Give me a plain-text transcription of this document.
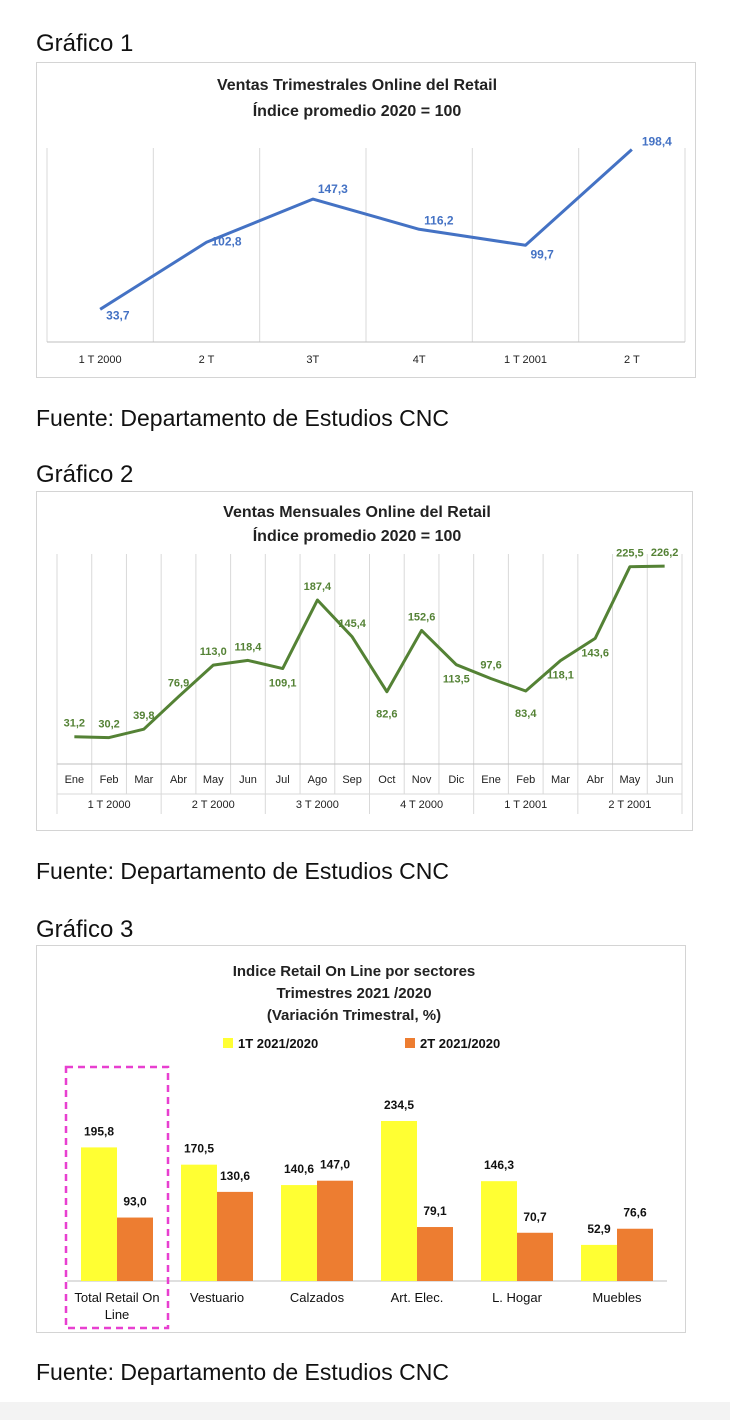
Gráfico 1

Ventas Trimestrales Online del Retail
Índice promedio 2020 = 100
33,7
102,8
147,3
116,2
99,7
198,4
1 T 2000	2 T	3T	4T	1 T 2001	2 T

Fuente: Departamento de Estudios CNC

Gráfico 2

Ventas Mensuales Online del Retail
Índice promedio 2020 = 100
31,2 30,2
39,8
76,9
113,0 118,4
109,1
187,4
145,4
82,6
152,6
113,5
97,6
83,4
118,1
143,6
225,5 226,2
Ene Feb Mar Abr May Jun Jul Ago Sep Oct Nov Dic Ene Feb Mar Abr May Jun
1 T 2000	2 T 2000	3 T 2000	4 T 2000	1 T 2001	2 T 2001

Fuente: Departamento de Estudios CNC

Gráfico 3

Indice Retail On Line por sectores
Trimestres 2021 /2020
(Variación Trimestral, %)
1T 2021/2020	2T 2021/2020
195,8
93,0
Total Retail On
Line
170,5
130,6
Vestuario
140,6 147,0
Calzados
234,5
79,1
Art. Elec.
146,3
70,7
L. Hogar
52,9
76,6
Muebles

Fuente: Departamento de Estudios CNC
